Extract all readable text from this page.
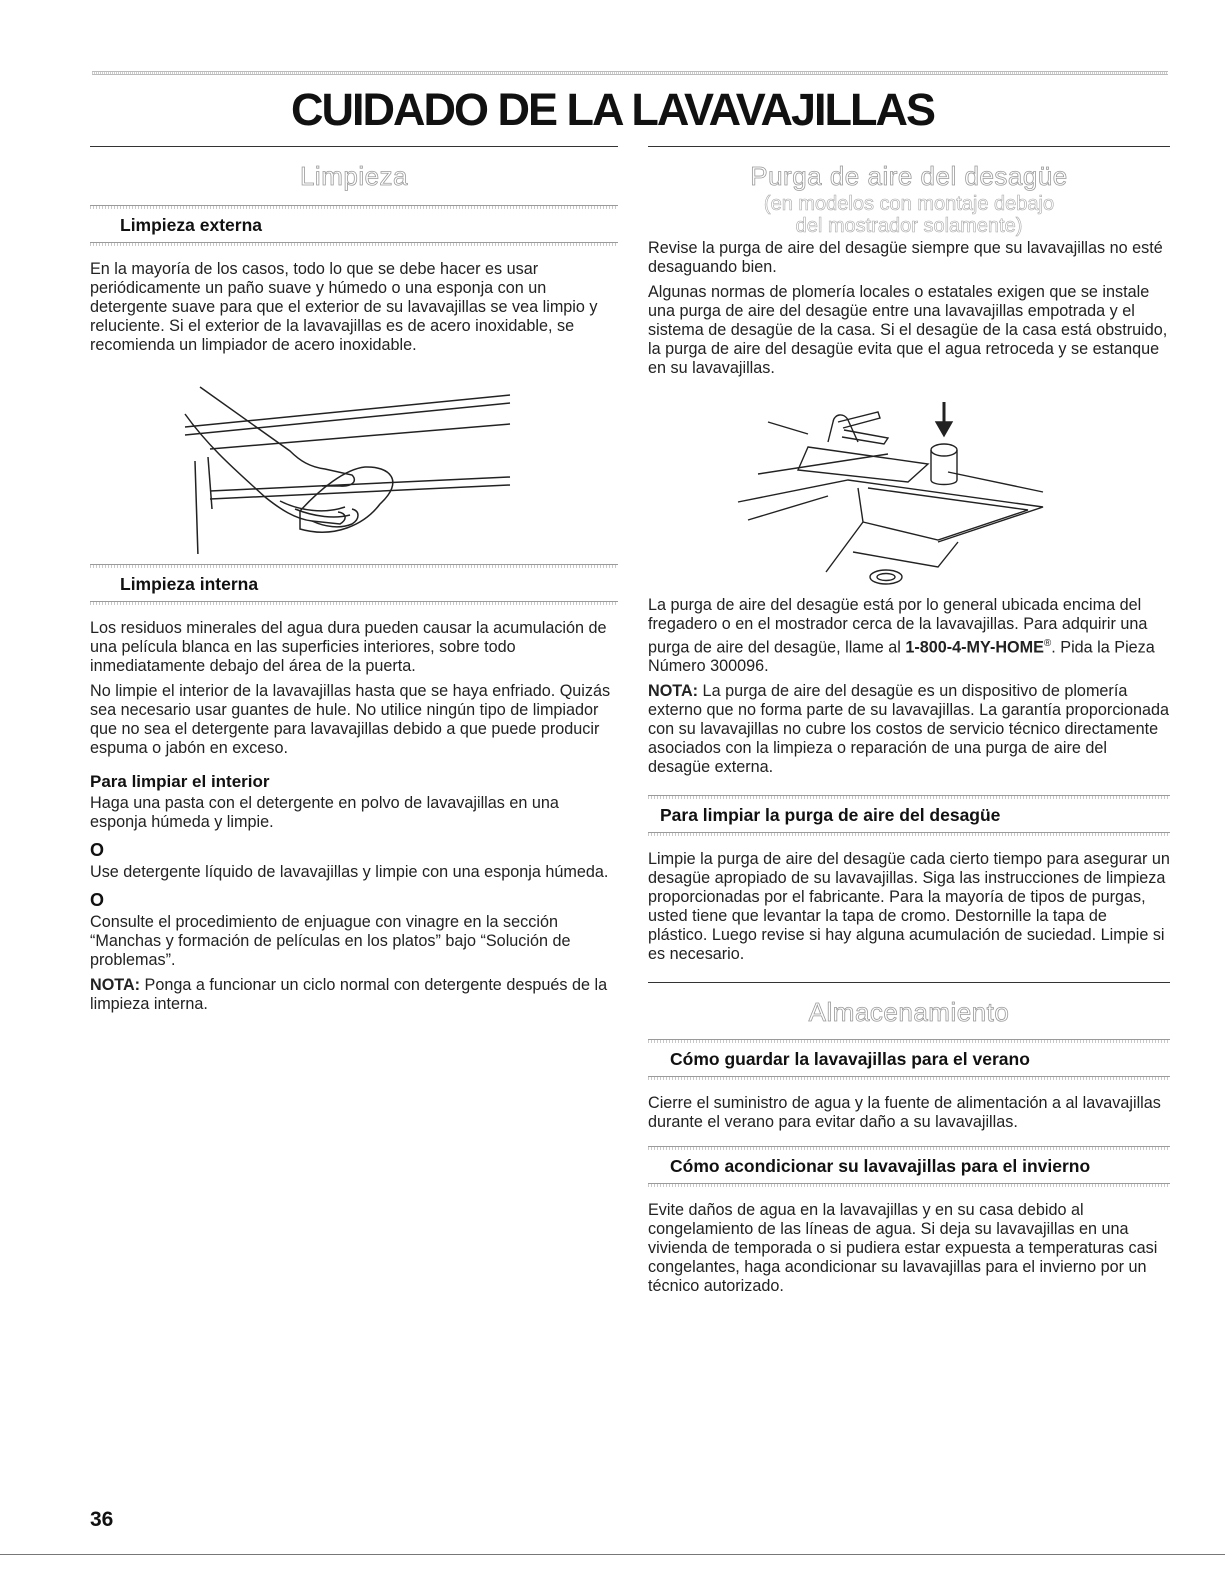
CUIDADO DE LA LAVAVAJILLAS
Limpieza
Limpieza externa

En la mayoría de los casos, todo lo que se debe hacer es usar periódicamente un paño suave y húmedo o una esponja con un detergente suave para que el exterior de su lavavajillas se vea limpio y reluciente. Si el exterior de la lavavajillas es de acero inoxidable, se recomienda un limpiador de acero inoxidable.

Limpieza interna

Los residuos minerales del agua dura pueden causar la acumulación de una película blanca en las superficies interiores, sobre todo inmediatamente debajo del área de la puerta.

No limpie el interior de la lavavajillas hasta que se haya enfriado. Quizás sea necesario usar guantes de hule. No utilice ningún tipo de limpiador que no sea el detergente para lavavajillas debido a que puede producir espuma o jabón en exceso.

Para limpiar el interior

Haga una pasta con el detergente en polvo de lavavajillas en una esponja húmeda y limpie.

O

Use detergente líquido de lavavajillas y limpie con una esponja húmeda.

O

Consulte el procedimiento de enjuague con vinagre en la sección “Manchas y formación de películas en los platos” bajo “Solución de problemas”.

NOTA: Ponga a funcionar un ciclo normal con detergente después de la limpieza interna.

Purga de aire del desagüe
(en modelos con montaje debajo
del mostrador solamente)

Revise la purga de aire del desagüe siempre que su lavavajillas no esté desaguando bien.

Algunas normas de plomería locales o estatales exigen que se instale una purga de aire del desagüe entre una lavavajillas empotrada y el sistema de desagüe de la casa. Si el desagüe de la casa está obstruido, la purga de aire del desagüe evita que el agua retroceda y se estanque en su lavavajillas.

La purga de aire del desagüe está por lo general ubicada encima del fregadero o en el mostrador cerca de la lavavajillas. Para adquirir una purga de aire del desagüe, llame al 1-800-4-MY-HOME®. Pida la Pieza Número 300096.

NOTA: La purga de aire del desagüe es un dispositivo de plomería externo que no forma parte de su lavavajillas. La garantía proporcionada con su lavavajillas no cubre los costos de servicio técnico directamente asociados con la limpieza o reparación de una purga de aire del desagüe externa.

Para limpiar la purga de aire del desagüe

Limpie la purga de aire del desagüe cada cierto tiempo para asegurar un desagüe apropiado de su lavavajillas. Siga las instrucciones de limpieza proporcionadas por el fabricante. Para la mayoría de tipos de purgas, usted tiene que levantar la tapa de cromo. Destornille la tapa de plástico. Luego revise si hay alguna acumulación de suciedad. Limpie si es necesario.

Almacenamiento
Cómo guardar la lavavajillas para el verano

Cierre el suministro de agua y la fuente de alimentación a al lavavajillas durante el verano para evitar daño a su lavavajillas.

Cómo acondicionar su lavavajillas para el invierno

Evite daños de agua en la lavavajillas y en su casa debido al congelamiento de las líneas de agua. Si deja su lavavajillas en una vivienda de temporada o si pudiera estar expuesta a temperaturas casi congelantes, haga acondicionar su lavavajillas para el invierno por un técnico autorizado.

36
